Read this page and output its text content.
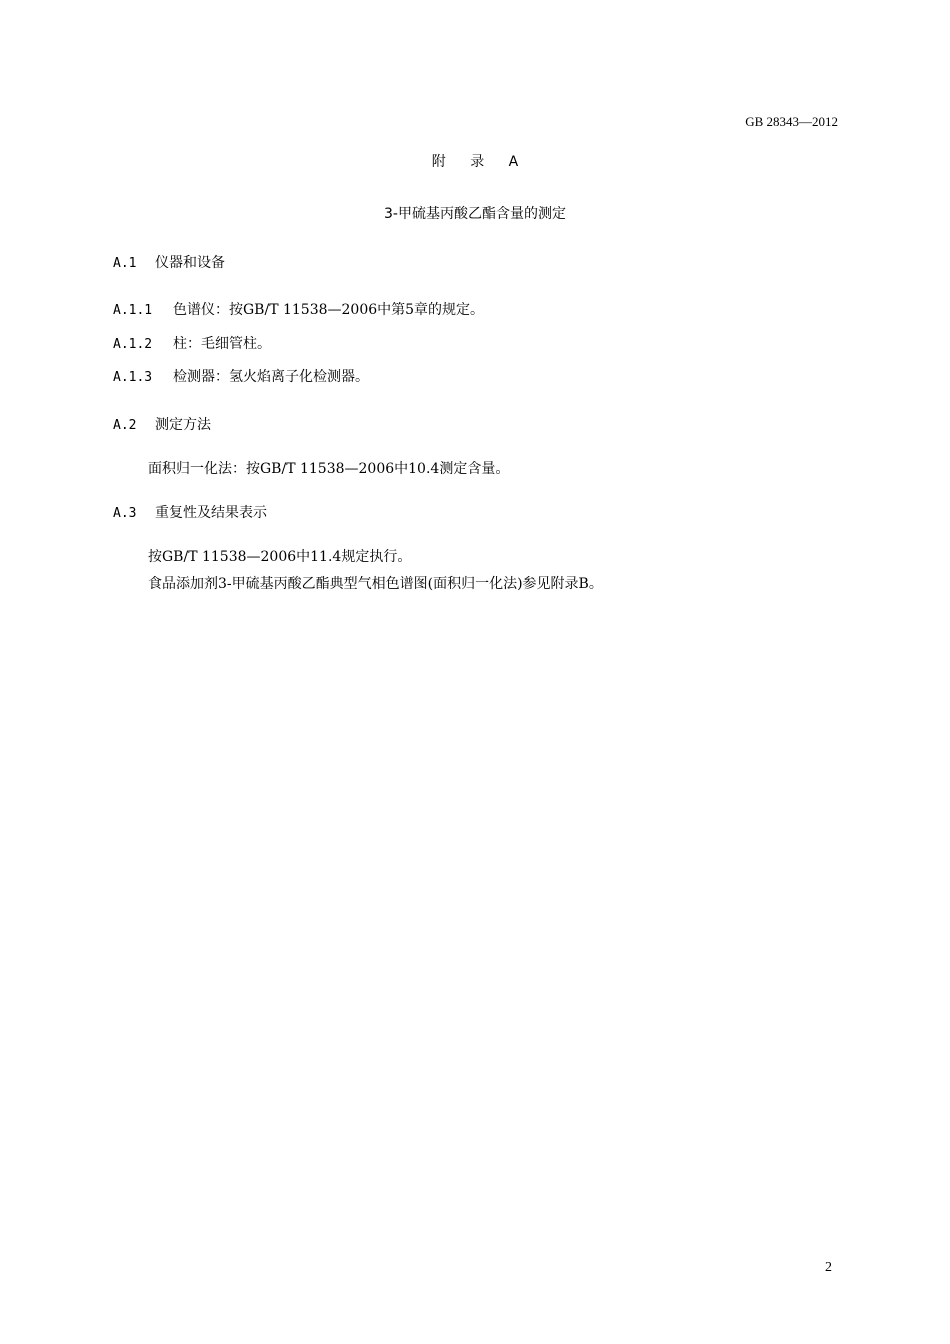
GB 28343—2012
附 录 A
3-甲硫基丙酸乙酯含量的测定
A.1 仪器和设备
A.1.1 色谱仪：按GB/T 11538—2006中第5章的规定。
A.1.2 柱：毛细管柱。
A.1.3 检测器：氢火焰离子化检测器。
A.2 测定方法
面积归一化法：按GB/T 11538—2006中10.4测定含量。
A.3 重复性及结果表示
按GB/T 11538—2006中11.4规定执行。
食品添加剂3-甲硫基丙酸乙酯典型气相色谱图(面积归一化法)参见附录B。
2
